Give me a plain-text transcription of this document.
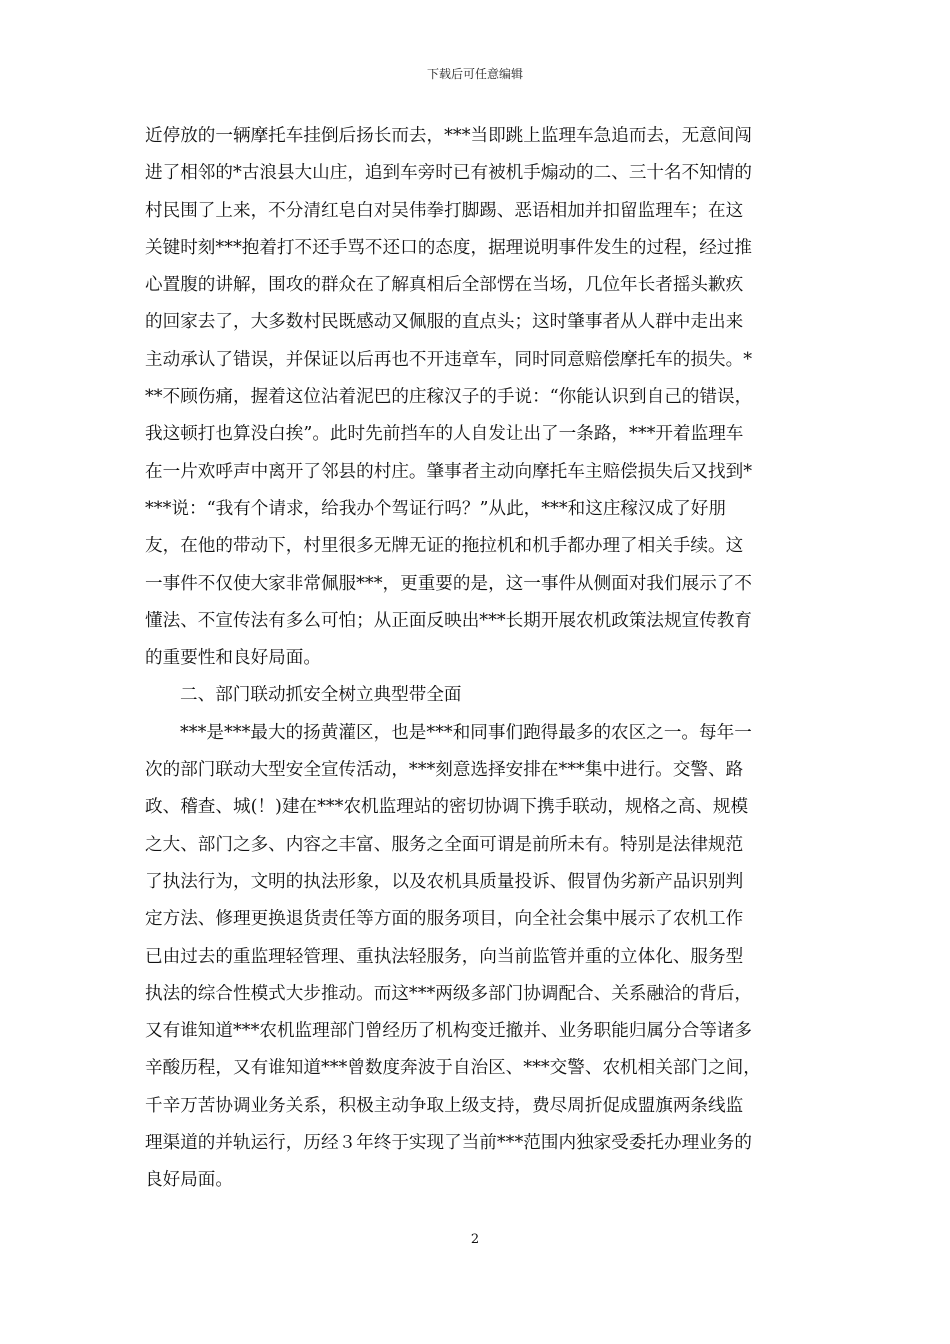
下载后可任意编辑
近停放的一辆摩托车挂倒后扬长而去，***当即跳上监理车急追而去，无意间闯
进了相邻的*古浪县大山庄，追到车旁时已有被机手煽动的二、三十名不知情的
村民围了上来，不分清红皂白对吴伟拳打脚踢、恶语相加并扣留监理车；在这
关键时刻***抱着打不还手骂不还口的态度，据理说明事件发生的过程，经过推
心置腹的讲解，围攻的群众在了解真相后全部愣在当场，几位年长者摇头歉疚
的回家去了，大多数村民既感动又佩服的直点头；这时肇事者从人群中走出来
主动承认了错误，并保证以后再也不开违章车，同时同意赔偿摩托车的损失。*
**不顾伤痛，握着这位沾着泥巴的庄稼汉子的手说：“你能认识到自己的错误，
我这顿打也算没白挨”。此时先前挡车的人自发让出了一条路，***开着监理车
在一片欢呼声中离开了邻县的村庄。肇事者主动向摩托车主赔偿损失后又找到*
***说：“我有个请求，给我办个驾证行吗？”从此，***和这庄稼汉成了好朋
友，在他的带动下，村里很多无牌无证的拖拉机和机手都办理了相关手续。这
一事件不仅使大家非常佩服***，更重要的是，这一事件从侧面对我们展示了不
懂法、不宣传法有多么可怕；从正面反映出***长期开展农机政策法规宣传教育
的重要性和良好局面。
二、部门联动抓安全树立典型带全面
***是***最大的扬黄灌区，也是***和同事们跑得最多的农区之一。每年一
次的部门联动大型安全宣传活动，***刻意选择安排在***集中进行。交警、路
政、稽查、城(！)建在***农机监理站的密切协调下携手联动，规格之高、规模
之大、部门之多、内容之丰富、服务之全面可谓是前所未有。特别是法律规范
了执法行为，文明的执法形象，以及农机具质量投诉、假冒伪劣新产品识别判
定方法、修理更换退货责任等方面的服务项目，向全社会集中展示了农机工作
已由过去的重监理轻管理、重执法轻服务，向当前监管并重的立体化、服务型
执法的综合性模式大步推动。而这***两级多部门协调配合、关系融洽的背后，
又有谁知道***农机监理部门曾经历了机构变迁撤并、业务职能归属分合等诸多
辛酸历程，又有谁知道***曾数度奔波于自治区、***交警、农机相关部门之间，
千辛万苦协调业务关系，积极主动争取上级支持，费尽周折促成盟旗两条线监
理渠道的并轨运行，历经３年终于实现了当前***范围内独家受委托办理业务的
良好局面。
2
